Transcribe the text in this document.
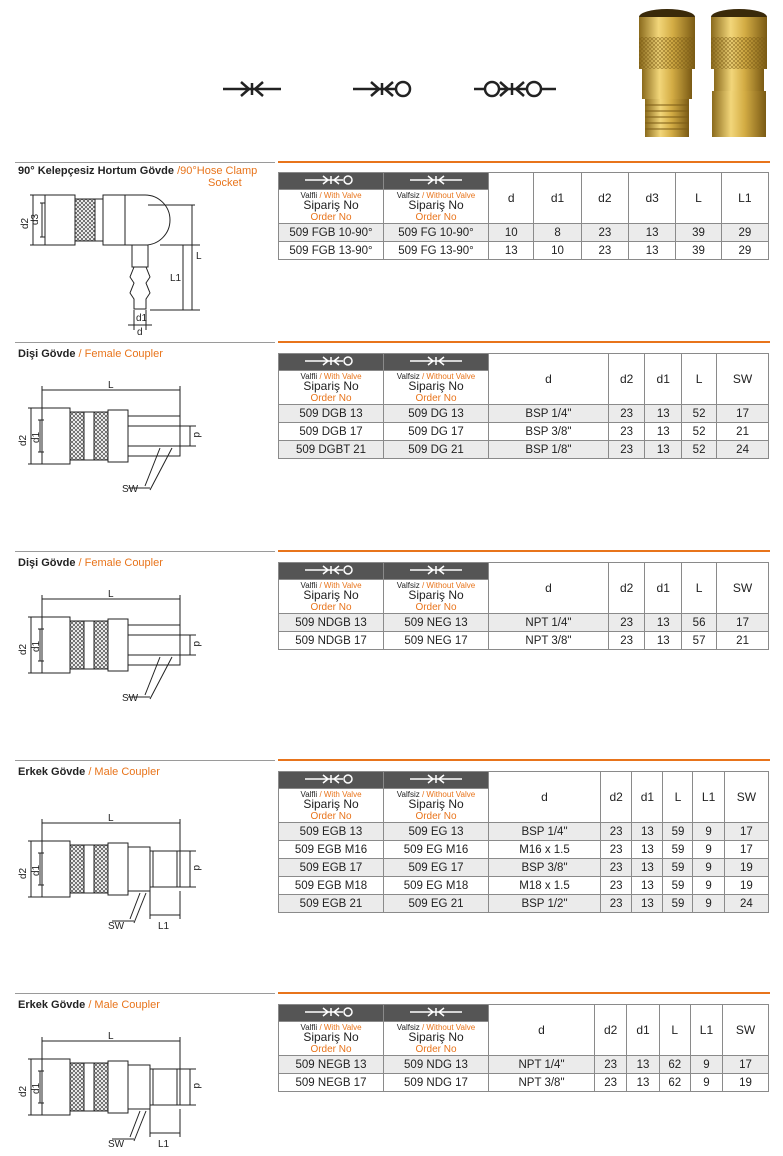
90° Kelepçesiz Hortum Gövde /90°Hose Clamp
Socket
d2 d3
L1
L
d1
d
		d	d1	d2	d3	L	L1
Valfli / With Valve	Valfsiz / Without Valve						
Sipariş No
Order No	Sipariş No
Order No						
509 FGB 10-90°	509 FG 10-90°	10	8	23	13	39	29
509 FGB 13-90°	509 FG 13-90°	13	10	23	13	39	29
Dişi Gövde / Female Coupler
L
d2 d1	d
SW
		d	d2	d1	L	SW
Valfli / With Valve	Valfsiz / Without Valve					
Sipariş No
Order No	Sipariş No
Order No					
509 DGB 13	509 DG 13	BSP 1/4"	23	13	52	17
509 DGB 17	509 DG 17	BSP 3/8"	23	13	52	21
509 DGBT 21	509 DG 21	BSP 1/8"	23	13	52	24
Dişi Gövde / Female Coupler
L
d2 d1	d
SW
		d	d2	d1	L	SW
Valfli / With Valve	Valfsiz / Without Valve					
Sipariş No
Order No	Sipariş No
Order No					
509 NDGB 13	509 NEG 13	NPT 1/4"	23	13	56	17
509 NDGB 17	509 NEG 17	NPT 3/8"	23	13	57	21
Erkek Gövde / Male Coupler
L
d2 d1	d
SW	L1
		d	d2	d1	L	L1	SW
Valfli / With Valve	Valfsiz / Without Valve						
Sipariş No
Order No	Sipariş No
Order No						
509 EGB 13	509 EG 13	BSP 1/4"	23	13	59	9	17
509 EGB M16	509 EG M16	M16 x 1.5	23	13	59	9	17
509 EGB 17	509 EG 17	BSP 3/8"	23	13	59	9	19
509 EGB M18	509 EG M18	M18 x 1.5	23	13	59	9	19
509 EGB 21	509 EG 21	BSP 1/2"	23	13	59	9	24
Erkek Gövde / Male Coupler
L
d2 d1	d
SW	L1
		d	d2	d1	L	L1	SW
Valfli / With Valve	Valfsiz / Without Valve						
Sipariş No
Order No	Sipariş No
Order No						
509 NEGB 13	509 NDG 13	NPT 1/4"	23	13	62	9	17
509 NEGB 17	509 NDG 17	NPT 3/8"	23	13	62	9	19
